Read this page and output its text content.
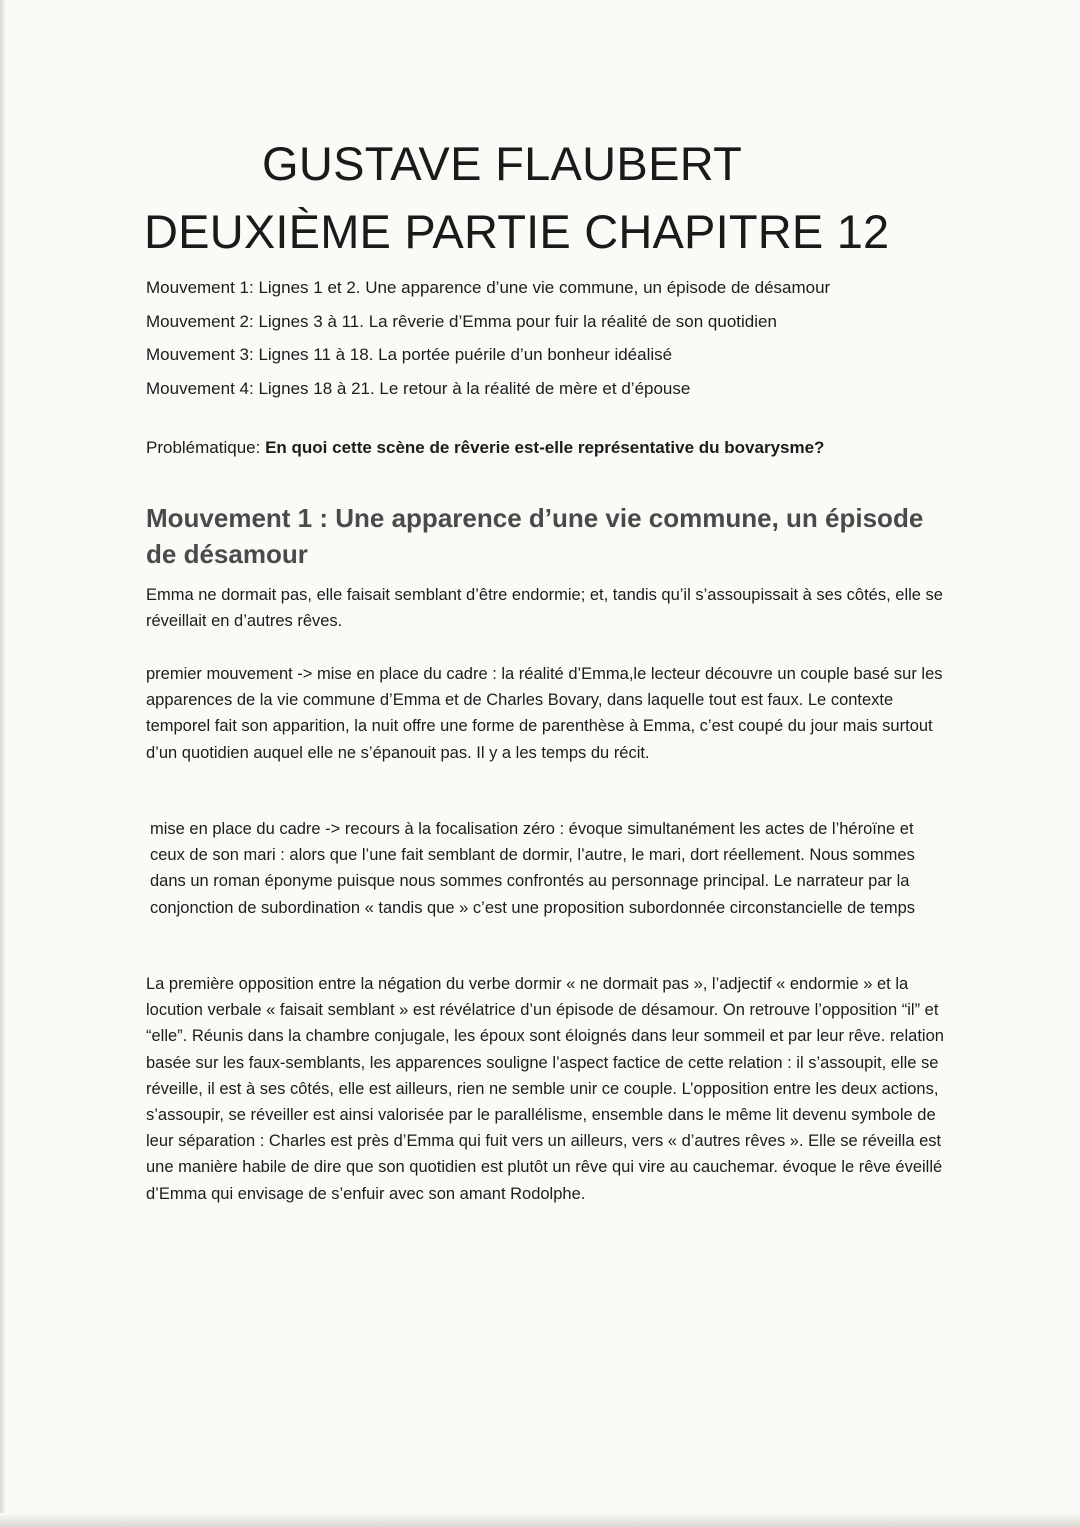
GUSTAVE FLAUBERT
DEUXIÈME PARTIE CHAPITRE 12
Mouvement 1: Lignes 1 et 2. Une apparence d’une vie commune, un épisode de désamour
Mouvement 2: Lignes 3 à 11. La rêverie d’Emma pour fuir la réalité de son quotidien
Mouvement 3: Lignes 11 à 18. La portée puérile d’un bonheur idéalisé
Mouvement 4: Lignes 18 à 21. Le retour à la réalité de mère et d’épouse

Problématique: En quoi cette scène de rêverie est-elle représentative du bovarysme?

Mouvement 1 : Une apparence d’une vie commune, un épisode de désamour

Emma ne dormait pas, elle faisait semblant d’être endormie; et, tandis qu’il s’assoupissait à ses côtés, elle se réveillait en d’autres rêves.

premier mouvement -> mise en place du cadre : la réalité d’Emma,le lecteur découvre un couple basé sur les apparences de la vie commune d’Emma et de Charles Bovary, dans laquelle tout est faux. Le contexte temporel fait son apparition, la nuit offre une forme de parenthèse à Emma, c’est coupé du jour mais surtout d’un quotidien auquel elle ne s’épanouit pas. Il y a les temps du récit.

mise en place du cadre -> recours à la focalisation zéro : évoque simultanément les actes de l’héroïne et ceux de son mari : alors que l’une fait semblant de dormir, l’autre, le mari, dort réellement. Nous sommes dans un roman éponyme puisque nous sommes confrontés au personnage principal. Le narrateur par la conjonction de subordination « tandis que » c’est une proposition subordonnée circonstancielle de temps

La première opposition entre la négation du verbe dormir « ne dormait pas », l’adjectif « endormie » et la locution verbale « faisait semblant » est révélatrice d’un épisode de désamour. On retrouve l’opposition “il” et “elle”. Réunis dans la chambre conjugale, les époux sont éloignés dans leur sommeil et par leur rêve. relation basée sur les faux-semblants, les apparences souligne l’aspect factice de cette relation : il s’assoupit, elle se réveille, il est à ses côtés, elle est ailleurs, rien ne semble unir ce couple. L’opposition entre les deux actions, s’assoupir, se réveiller est ainsi valorisée par le parallélisme, ensemble dans le même lit devenu symbole de leur séparation : Charles est près d’Emma qui fuit vers un ailleurs, vers « d’autres rêves ». Elle se réveilla est une manière habile de dire que son quotidien est plutôt un rêve qui vire au cauchemar. évoque le rêve éveillé d’Emma qui envisage de s’enfuir avec son amant Rodolphe.
